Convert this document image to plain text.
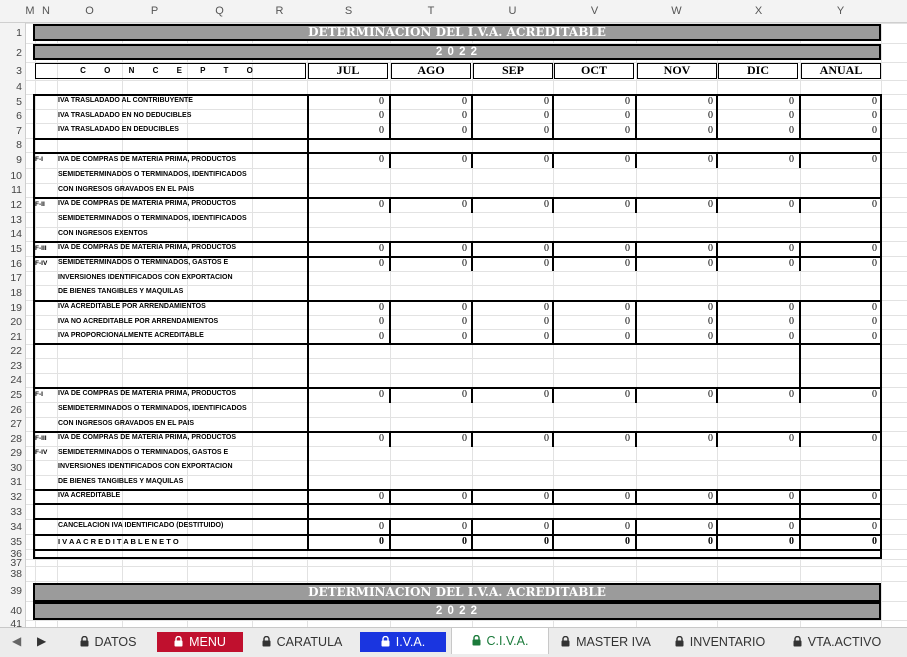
M N	O	P	Q	R	S	T	U	V	W	X	Y
1
2
3
4
5
6
7
8
9
10
11
12
13
14
15
16
17
18
19
20
21
22
23
24
25
26
27
28
29
30
31
32
33
34
35
36
37
38
39
40
41
DETERMINACION DEL I.V.A. ACREDITABLE
2 0 2 2
C O N C E P T O	JUL	AGO	SEP	OCT	NOV	DIC	ANUAL
IVA TRASLADADO AL CONTRIBUYENTE	0	0	0	0	0	0	0
IVA TRASLADADO EN NO DEDUCIBLES	0	0	0	0	0	0	0
IVA TRASLADADO EN DEDUCIBLES	0	0	0	0	0	0	0
F-I IVA DE COMPRAS DE MATERIA PRIMA, PRODUCTOS	0	0	0	0	0	0	0
SEMIDETERMINADOS O TERMINADOS, IDENTIFICADOS
CON INGRESOS GRAVADOS EN EL PAIS
F-II IVA DE COMPRAS DE MATERIA PRIMA, PRODUCTOS	0	0	0	0	0	0	0
SEMIDETERMINADOS O TERMINADOS, IDENTIFICADOS
CON INGRESOS EXENTOS
F-III IVA DE COMPRAS DE MATERIA PRIMA, PRODUCTOS	0	0	0	0	0	0	0
F-IV SEMIDETERMINADOS O TERMINADOS, GASTOS E	0	0	0	0	0	0	0
INVERSIONES IDENTIFICADOS CON EXPORTACION
DE BIENES TANGIBLES Y MAQUILAS
IVA ACREDITABLE POR ARRENDAMIENTOS	0	0	0	0	0	0	0
IVA NO ACREDITABLE POR ARRENDAMIENTOS	0	0	0	0	0	0	0
IVA PROPORCIONALMENTE ACREDITABLE	0	0	0	0	0	0	0
F-I IVA DE COMPRAS DE MATERIA PRIMA, PRODUCTOS	0	0	0	0	0	0	0
SEMIDETERMINADOS O TERMINADOS, IDENTIFICADOS
CON INGRESOS GRAVADOS EN EL PAIS
F-III IVA DE COMPRAS DE MATERIA PRIMA, PRODUCTOS	0	0	0	0	0	0	0
F-IV SEMIDETERMINADOS O TERMINADOS, GASTOS E
INVERSIONES IDENTIFICADOS CON EXPORTACION
DE BIENES TANGIBLES Y MAQUILAS
IVA ACREDITABLE	0	0	0	0	0	0	0
CANCELACION IVA IDENTIFICADO (DESTITUIDO)	0	0	0	0	0	0	0
I V A A C R E D I T A B L E N E T O	0	0	0	0	0	0	0
DETERMINACION DEL I.V.A. ACREDITABLE
2 0 2 2
◀ ▶	DATOS	MENU	CARATULA	I.V.A.	C.I.V.A.	MASTER IVA	INVENTARIO	VTA.ACTIVO
